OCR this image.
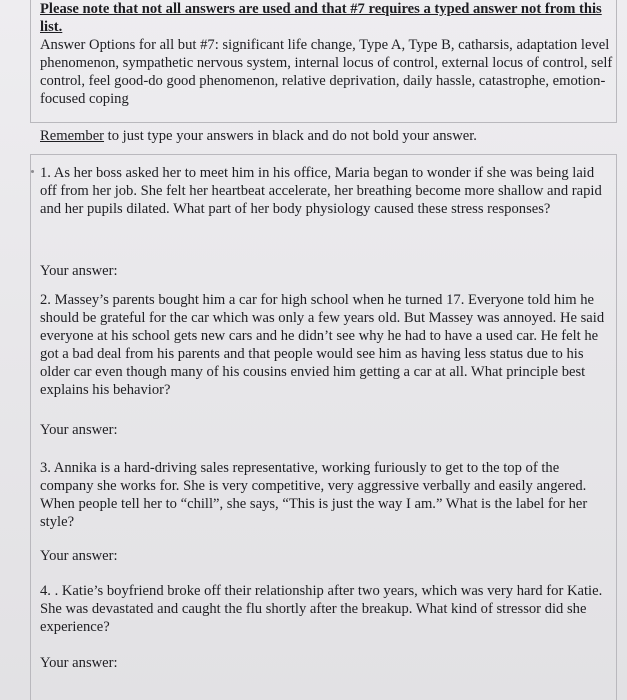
Please note that not all answers are used and that #7 requires a typed answer not from this list.

Answer Options for all but #7: significant life change, Type A, Type B, catharsis, adaptation level phenomenon, sympathetic nervous system, internal locus of control, external locus of control, self control, feel good-do good phenomenon, relative deprivation, daily hassle, catastrophe, emotion-focused coping

Remember to just type your answers in black and do not bold your answer.

1. As her boss asked her to meet him in his office, Maria began to wonder if she was being laid off from her job. She felt her heartbeat accelerate, her breathing become more shallow and rapid and her pupils dilated. What part of her body physiology caused these stress responses?

Your answer:

2. Massey’s parents bought him a car for high school when he turned 17. Everyone told him he should be grateful for the car which was only a few years old. But Massey was annoyed. He said everyone at his school gets new cars and he didn’t see why he had to have a used car. He felt he got a bad deal from his parents and that people would see him as having less status due to his older car even though many of his cousins envied him getting a car at all. What principle best explains his behavior?

Your answer:

3. Annika is a hard-driving sales representative, working furiously to get to the top of the company she works for. She is very competitive, very aggressive verbally and easily angered. When people tell her to “chill”, she says, “This is just the way I am.” What is the label for her style?

Your answer:

4. . Katie’s boyfriend broke off their relationship after two years, which was very hard for Katie. She was devastated and caught the flu shortly after the breakup. What kind of stressor did she experience?

Your answer:
